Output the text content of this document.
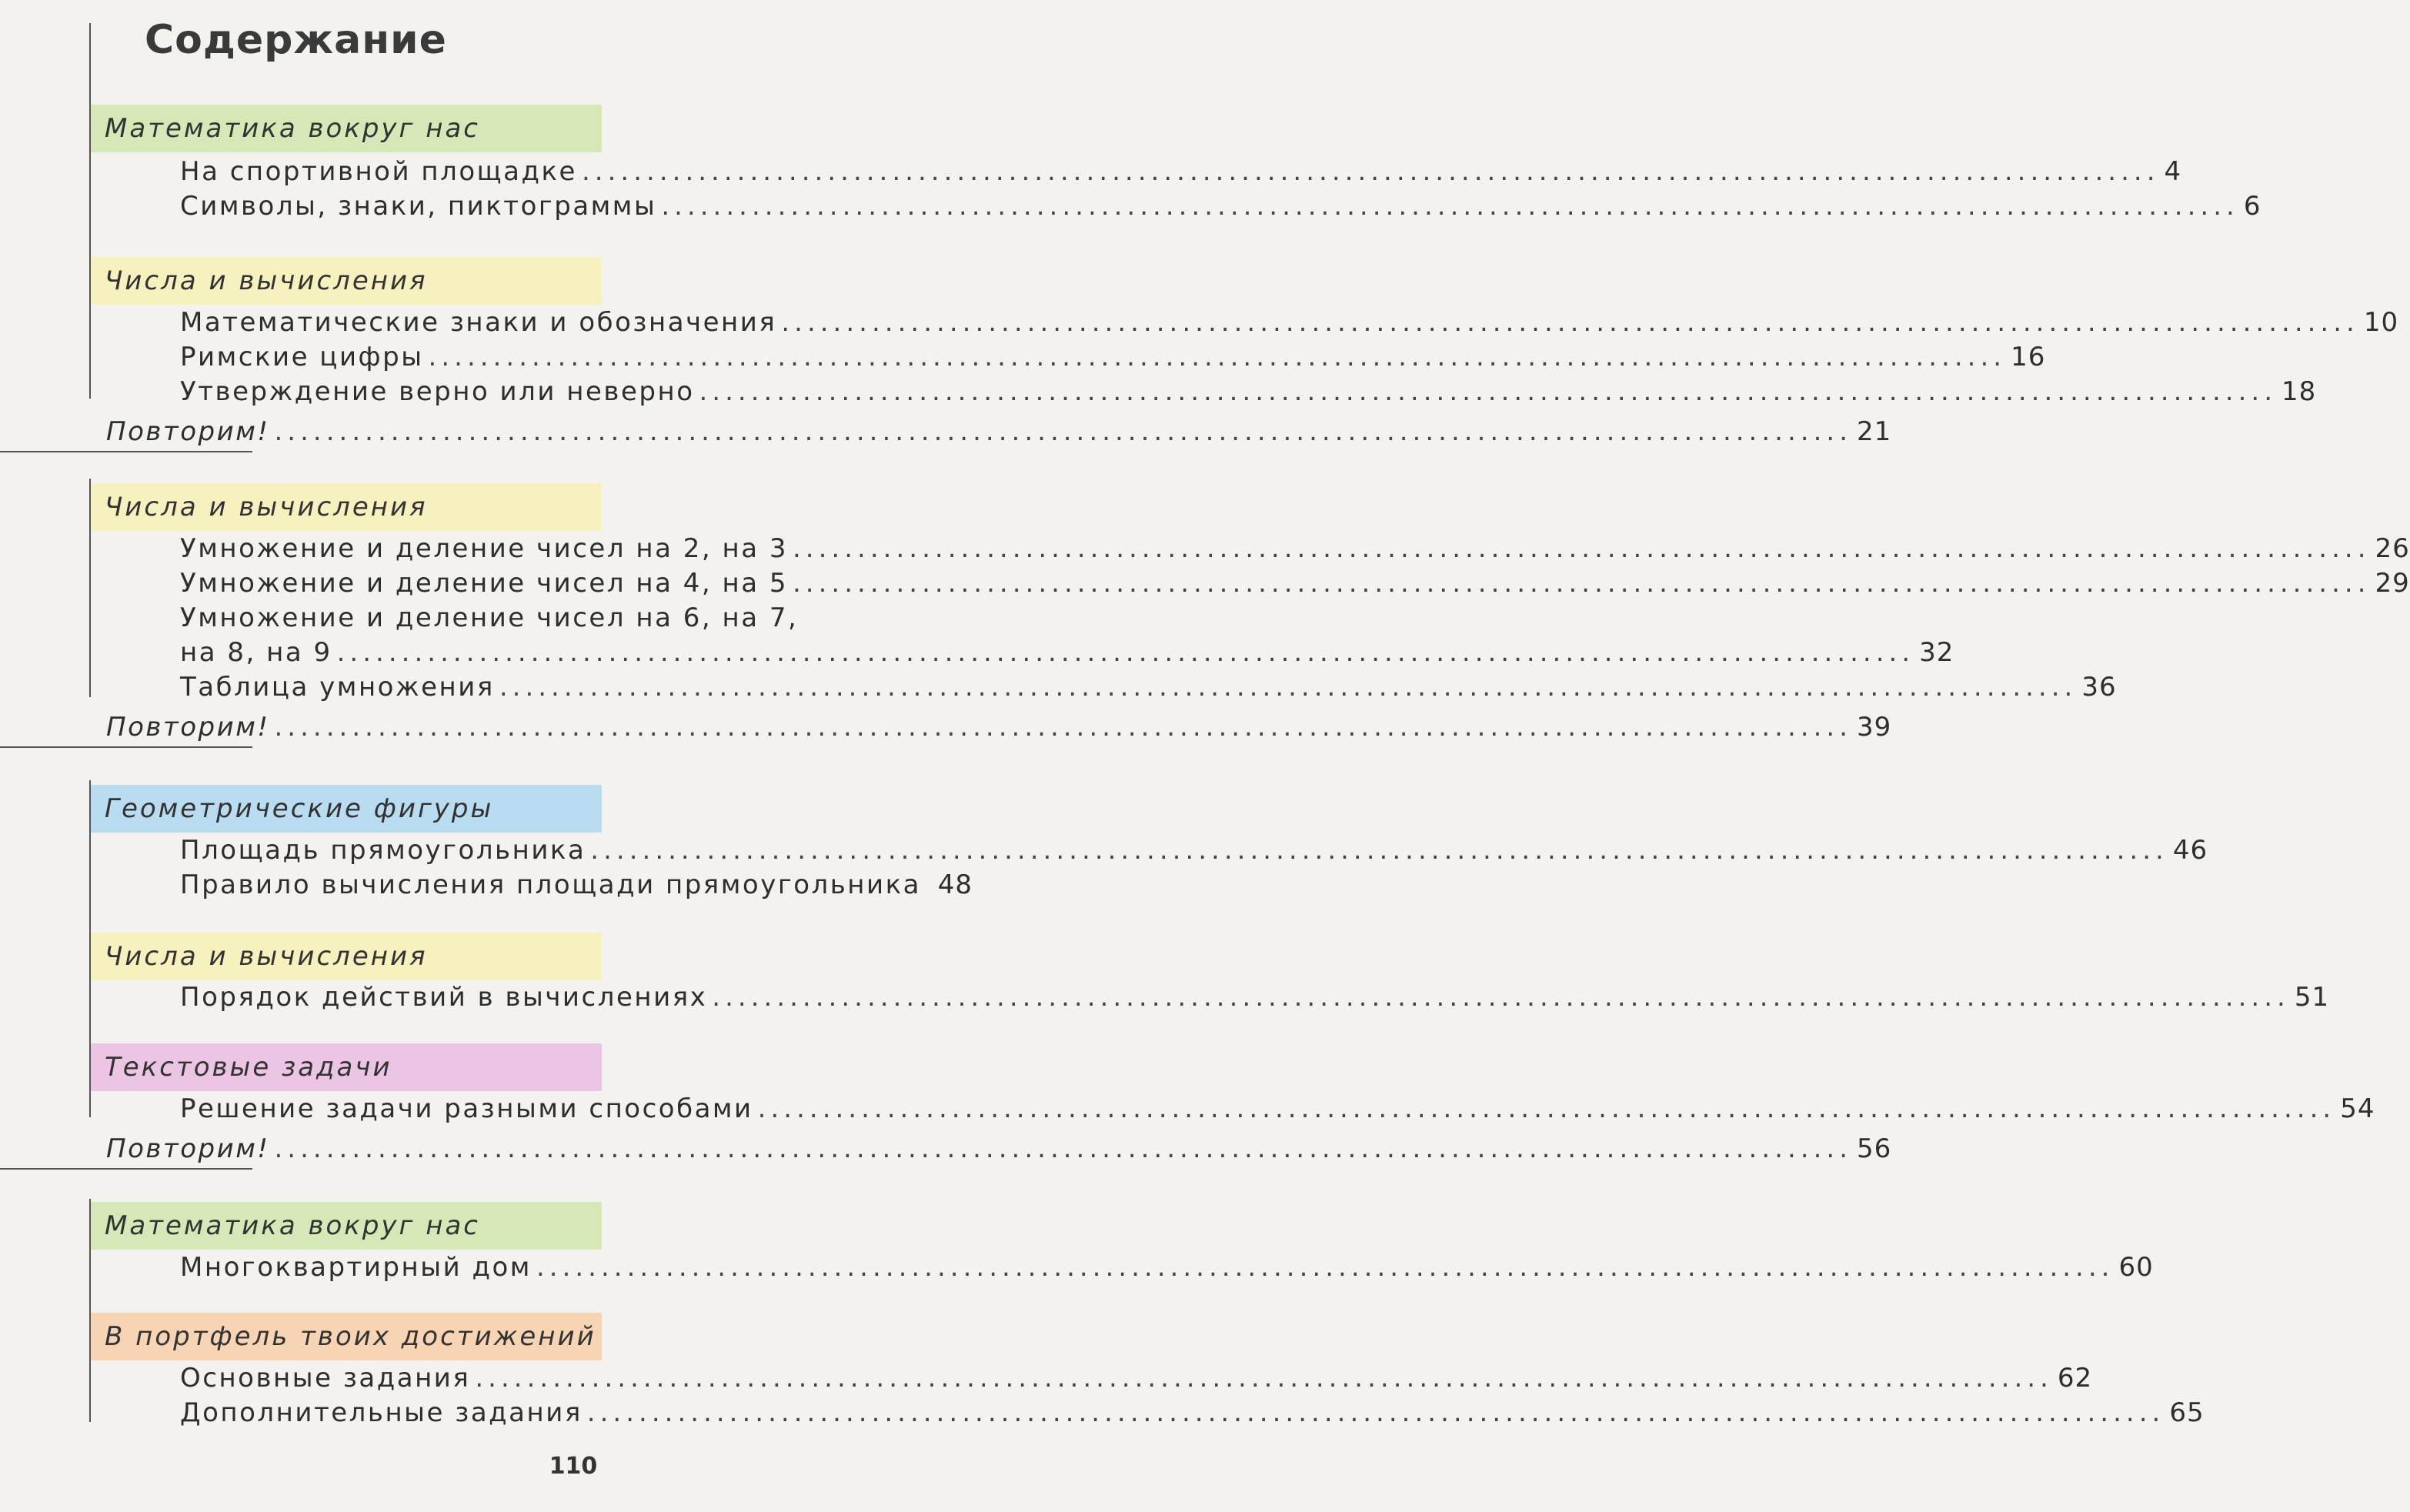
Содержание
Математика вокруг нас
На спортивной площадке .......................................................................................................................... 4
Символы, знаки, пиктограммы .......................................................................................................................... 6
Числа и вычисления
Математические знаки и обозначения .......................................................................................................................... 10
Римские цифры .......................................................................................................................... 16
Утверждение верно или неверно .......................................................................................................................... 18
Повторим! .......................................................................................................................... 21
Числа и вычисления
Умножение и деление чисел на 2, на 3 .......................................................................................................................... 26
Умножение и деление чисел на 4, на 5 .......................................................................................................................... 29
Умножение и деление чисел на 6, на 7,
на 8, на 9 .......................................................................................................................... 32
Таблица умножения .......................................................................................................................... 36
Повторим! .......................................................................................................................... 39
Геометрические фигуры
Площадь прямоугольника .......................................................................................................................... 46
Правило вычисления площади прямоугольника 48
Числа и вычисления
Порядок действий в вычислениях .......................................................................................................................... 51
Текстовые задачи
Решение задачи разными способами .......................................................................................................................... 54
Повторим! .......................................................................................................................... 56
Математика вокруг нас
Многоквартирный дом .......................................................................................................................... 60
В портфель твоих достижений
Основные задания .......................................................................................................................... 62
Дополнительные задания .......................................................................................................................... 65
110
